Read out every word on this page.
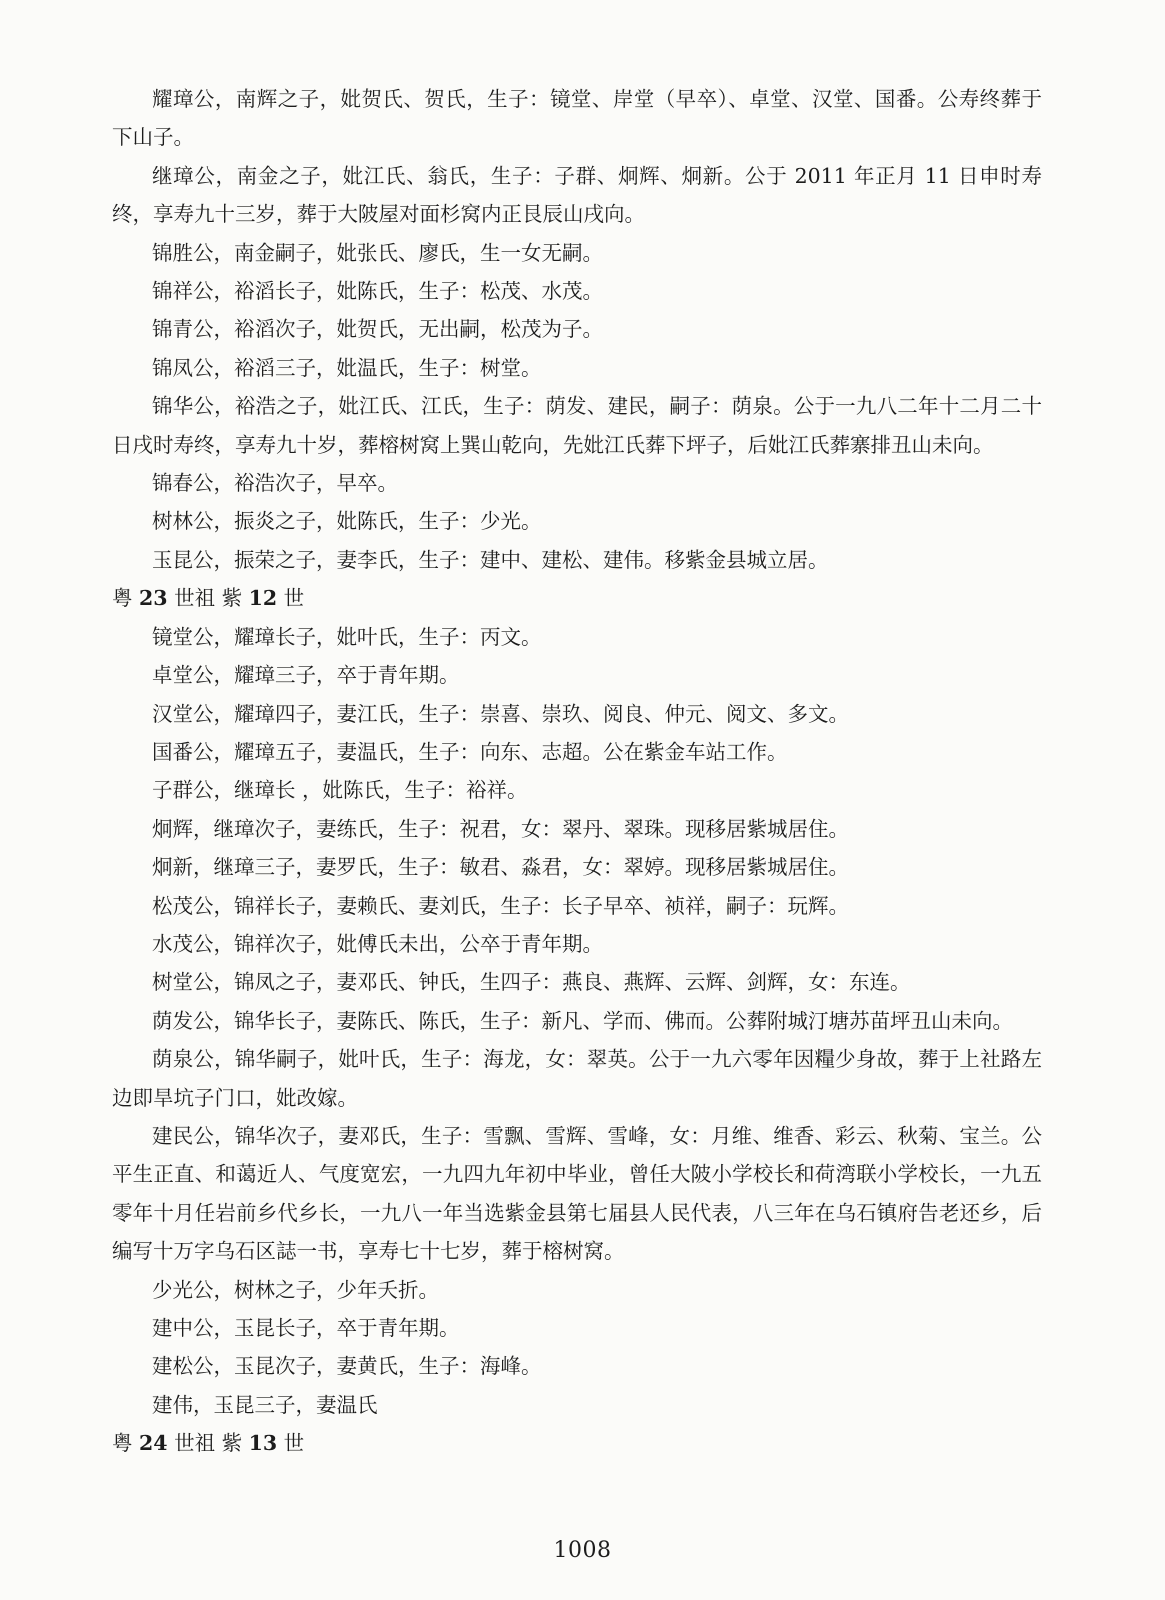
耀璋公，南辉之子，妣贺氏、贺氏，生子：镜堂、岸堂（早卒）、卓堂、汉堂、国番。公寿终葬于下山子。

继璋公，南金之子，妣江氏、翁氏，生子：子群、炯辉、炯新。公于 2011 年正月 11 日申时寿终，享寿九十三岁，葬于大陂屋对面杉窝内正艮辰山戌向。

锦胜公，南金嗣子，妣张氏、廖氏，生一女无嗣。

锦祥公，裕滔长子，妣陈氏，生子：松茂、水茂。

锦青公，裕滔次子，妣贺氏，无出嗣，松茂为子。

锦凤公，裕滔三子，妣温氏，生子：树堂。

锦华公，裕浩之子，妣江氏、江氏，生子：荫发、建民，嗣子：荫泉。公于一九八二年十二月二十日戌时寿终，享寿九十岁，葬榕树窝上巽山乾向，先妣江氏葬下坪子，后妣江氏葬寨排丑山未向。

锦春公，裕浩次子，早卒。

树林公，振炎之子，妣陈氏，生子：少光。

玉昆公，振荣之子，妻李氏，生子：建中、建松、建伟。移紫金县城立居。

粤 23 世祖 紫 12 世

镜堂公，耀璋长子，妣叶氏，生子：丙文。

卓堂公，耀璋三子，卒于青年期。

汉堂公，耀璋四子，妻江氏，生子：崇喜、崇玖、阅良、仲元、阅文、多文。

国番公，耀璋五子，妻温氏，生子：向东、志超。公在紫金车站工作。

子群公，继璋长 ，妣陈氏，生子：裕祥。

炯辉，继璋次子，妻练氏，生子：祝君，女：翠丹、翠珠。现移居紫城居住。

炯新，继璋三子，妻罗氏，生子：敏君、淼君，女：翠婷。现移居紫城居住。

松茂公，锦祥长子，妻赖氏、妻刘氏，生子：长子早卒、祯祥，嗣子：玩辉。

水茂公，锦祥次子，妣傅氏未出，公卒于青年期。

树堂公，锦凤之子，妻邓氏、钟氏，生四子：燕良、燕辉、云辉、剑辉，女：东连。

荫发公，锦华长子，妻陈氏、陈氏，生子：新凡、学而、佛而。公葬附城汀塘苏苗坪丑山未向。

荫泉公，锦华嗣子，妣叶氏，生子：海龙，女：翠英。公于一九六零年因糧少身故，葬于上社路左边即旱坑子门口，妣改嫁。

建民公，锦华次子，妻邓氏，生子：雪飘、雪辉、雪峰，女：月维、维香、彩云、秋菊、宝兰。公平生正直、和蔼近人、气度宽宏，一九四九年初中毕业，曾任大陂小学校长和荷湾联小学校长，一九五零年十月任岩前乡代乡长，一九八一年当选紫金县第七届县人民代表，八三年在乌石镇府告老还乡，后编写十万字乌石区誌一书，享寿七十七岁，葬于榕树窝。

少光公，树林之子，少年夭折。

建中公，玉昆长子，卒于青年期。

建松公，玉昆次子，妻黄氏，生子：海峰。

建伟，玉昆三子，妻温氏

粤 24 世祖 紫 13 世
1008
